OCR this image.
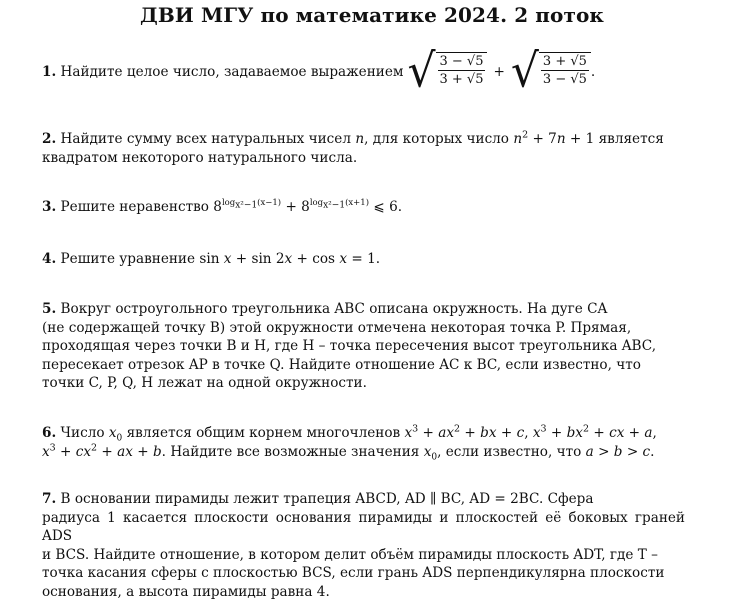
ДВИ МГУ по математике 2024. 2 поток
1.
Найдите целое число, задаваемое выражением √ 3 − √5
3 + √5 + √ 3 + √5
3 − √5 .
2. Найдите сумму всех натуральных чисел n, для которых число $n^2 + 7n + 1$ является
квадратом некоторого натурального числа.
3. Решите неравенство $8^{log_{x^2-1}(x-1)} + 8^{log_{x^2-1}(x+1)}$ ⩽ 6.
4. Решите уравнение sin x + sin 2x + cos x = 1.
5. Вокруг остроугольного треугольника ABC описана окружность. На дуге CA
(не содержащей точку B) этой окружности отмечена некоторая точка P. Прямая,
проходящая через точки B и H, где H – точка пересечения высот треугольника ABC,
пересекает отрезок AP в точке Q. Найдите отношение AC к BC, если известно, что
точки C, P, Q, H лежат на одной окружности.
6. Число $x_0$ является общим корнем многочленов $x^3 + ax^2$ + bx + c, $x^3 + bx^2$ + cx + a,
$x^3 + cx^2$ + ax + b. Найдите все возможные значения $x_0$, если известно, что a > b > c.
7. В основании пирамиды лежит трапеция ABCD, AD ∥ BC, AD = 2BC. Сфера
радиуса 1 касается плоскости основания пирамиды и плоскостей её боковых граней ADS
и BCS. Найдите отношение, в котором делит объём пирамиды плоскость ADT, где T –
точка касания сферы с плоскостью BCS, если грань ADS перпендикулярна плоскости
основания, а высота пирамиды равна 4.
